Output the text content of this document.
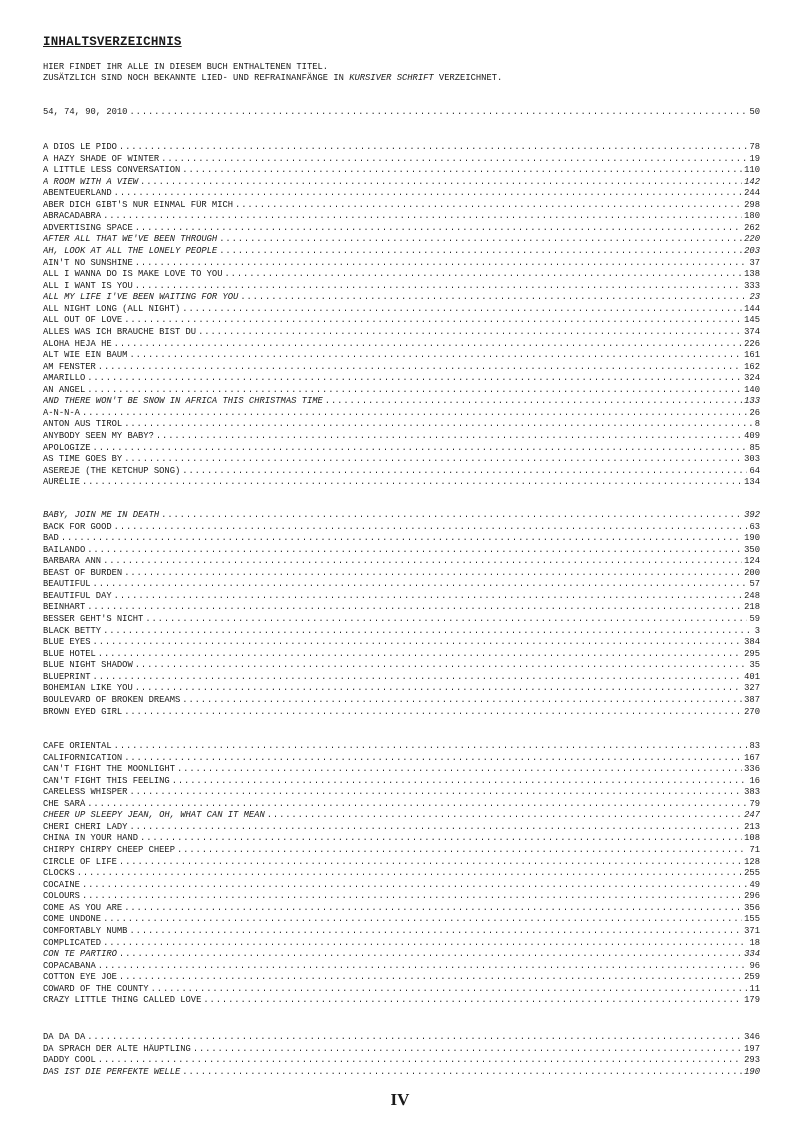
INHALTSVERZEICHNIS
HIER FINDET IHR ALLE IN DIESEM BUCH ENTHALTENEN TITEL.
ZUSÄTZLICH SIND NOCH BEKANNTE LIED- UND REFRAINANFÄNGE IN KURSIVER SCHRIFT VERZEICHNET.
54, 74, 90, 2010 .....	50
A DIOS LE PIDO .....	78
A HAZY SHADE OF WINTER .....	19
A LITTLE LESS CONVERSATION .....	110
A ROOM WITH A VIEW .....	142
ABENTEUERLAND .....	244
ABER DICH GIBT'S NUR EINMAL FÜR MICH .....	298
ABRACADABRA .....	180
ADVERTISING SPACE .....	262
AFTER ALL THAT WE'VE BEEN THROUGH .....	220
AH, LOOK AT ALL THE LONELY PEOPLE .....	203
AIN'T NO SUNSHINE .....	37
ALL I WANNA DO IS MAKE LOVE TO YOU .....	138
ALL I WANT IS YOU .....	333
ALL MY LIFE I'VE BEEN WAITING FOR YOU .....	23
ALL NIGHT LONG (ALL NIGHT) .....	144
ALL OUT OF LOVE .....	145
ALLES WAS ICH BRAUCHE BIST DU .....	374
ALOHA HEJA HE .....	226
ALT WIE EIN BAUM .....	161
AM FENSTER .....	162
AMARILLO .....	324
AN ANGEL .....	140
AND THERE WON'T BE SNOW IN AFRICA THIS CHRISTMAS TIME .....	133
A-N-N-A .....	26
ANTON AUS TIROL .....	8
ANYBODY SEEN MY BABY? .....	409
APOLOGIZE .....	85
AS TIME GOES BY .....	303
ASEREJÉ (THE KETCHUP SONG) .....	64
AURÉLIE .....	134
BABY, JOIN ME IN DEATH .....	392
BACK FOR GOOD .....	63
BAD .....	190
BAILANDO .....	350
BARBARA ANN .....	124
BEAST OF BURDEN .....	200
BEAUTIFUL .....	57
BEAUTIFUL DAY .....	248
BEINHART .....	218
BESSER GEHT'S NICHT .....	59
BLACK BETTY .....	3
BLUE EYES .....	384
BLUE HOTEL .....	295
BLUE NIGHT SHADOW .....	35
BLUEPRINT .....	401
BOHEMIAN LIKE YOU .....	327
BOULEVARD OF BROKEN DREAMS .....	387
BROWN EYED GIRL .....	270
CAFE ORIENTAL .....	83
CALIFORNICATION .....	167
CAN'T FIGHT THE MOONLIGHT .....	336
CAN'T FIGHT THIS FEELING .....	16
CARELESS WHISPER .....	383
CHE SARÀ .....	79
CHEER UP SLEEPY JEAN, OH, WHAT CAN IT MEAN .....	247
CHERI CHERI LADY .....	213
CHINA IN YOUR HAND .....	108
CHIRPY CHIRPY CHEEP CHEEP .....	71
CIRCLE OF LIFE .....	128
CLOCKS .....	255
COCAINE .....	49
COLOURS .....	296
COME AS YOU ARE .....	356
COME UNDONE .....	155
COMFORTABLY NUMB .....	371
COMPLICATED .....	18
CON TE PARTIRÒ .....	334
COPACABANA .....	96
COTTON EYE JOE .....	259
COWARD OF THE COUNTY .....	11
CRAZY LITTLE THING CALLED LOVE .....	179
DA DA DA .....	346
DA SPRACH DER ALTE HÄUPTLING .....	197
DADDY COOL .....	293
DAS IST DIE PERFEKTE WELLE .....	190
IV
